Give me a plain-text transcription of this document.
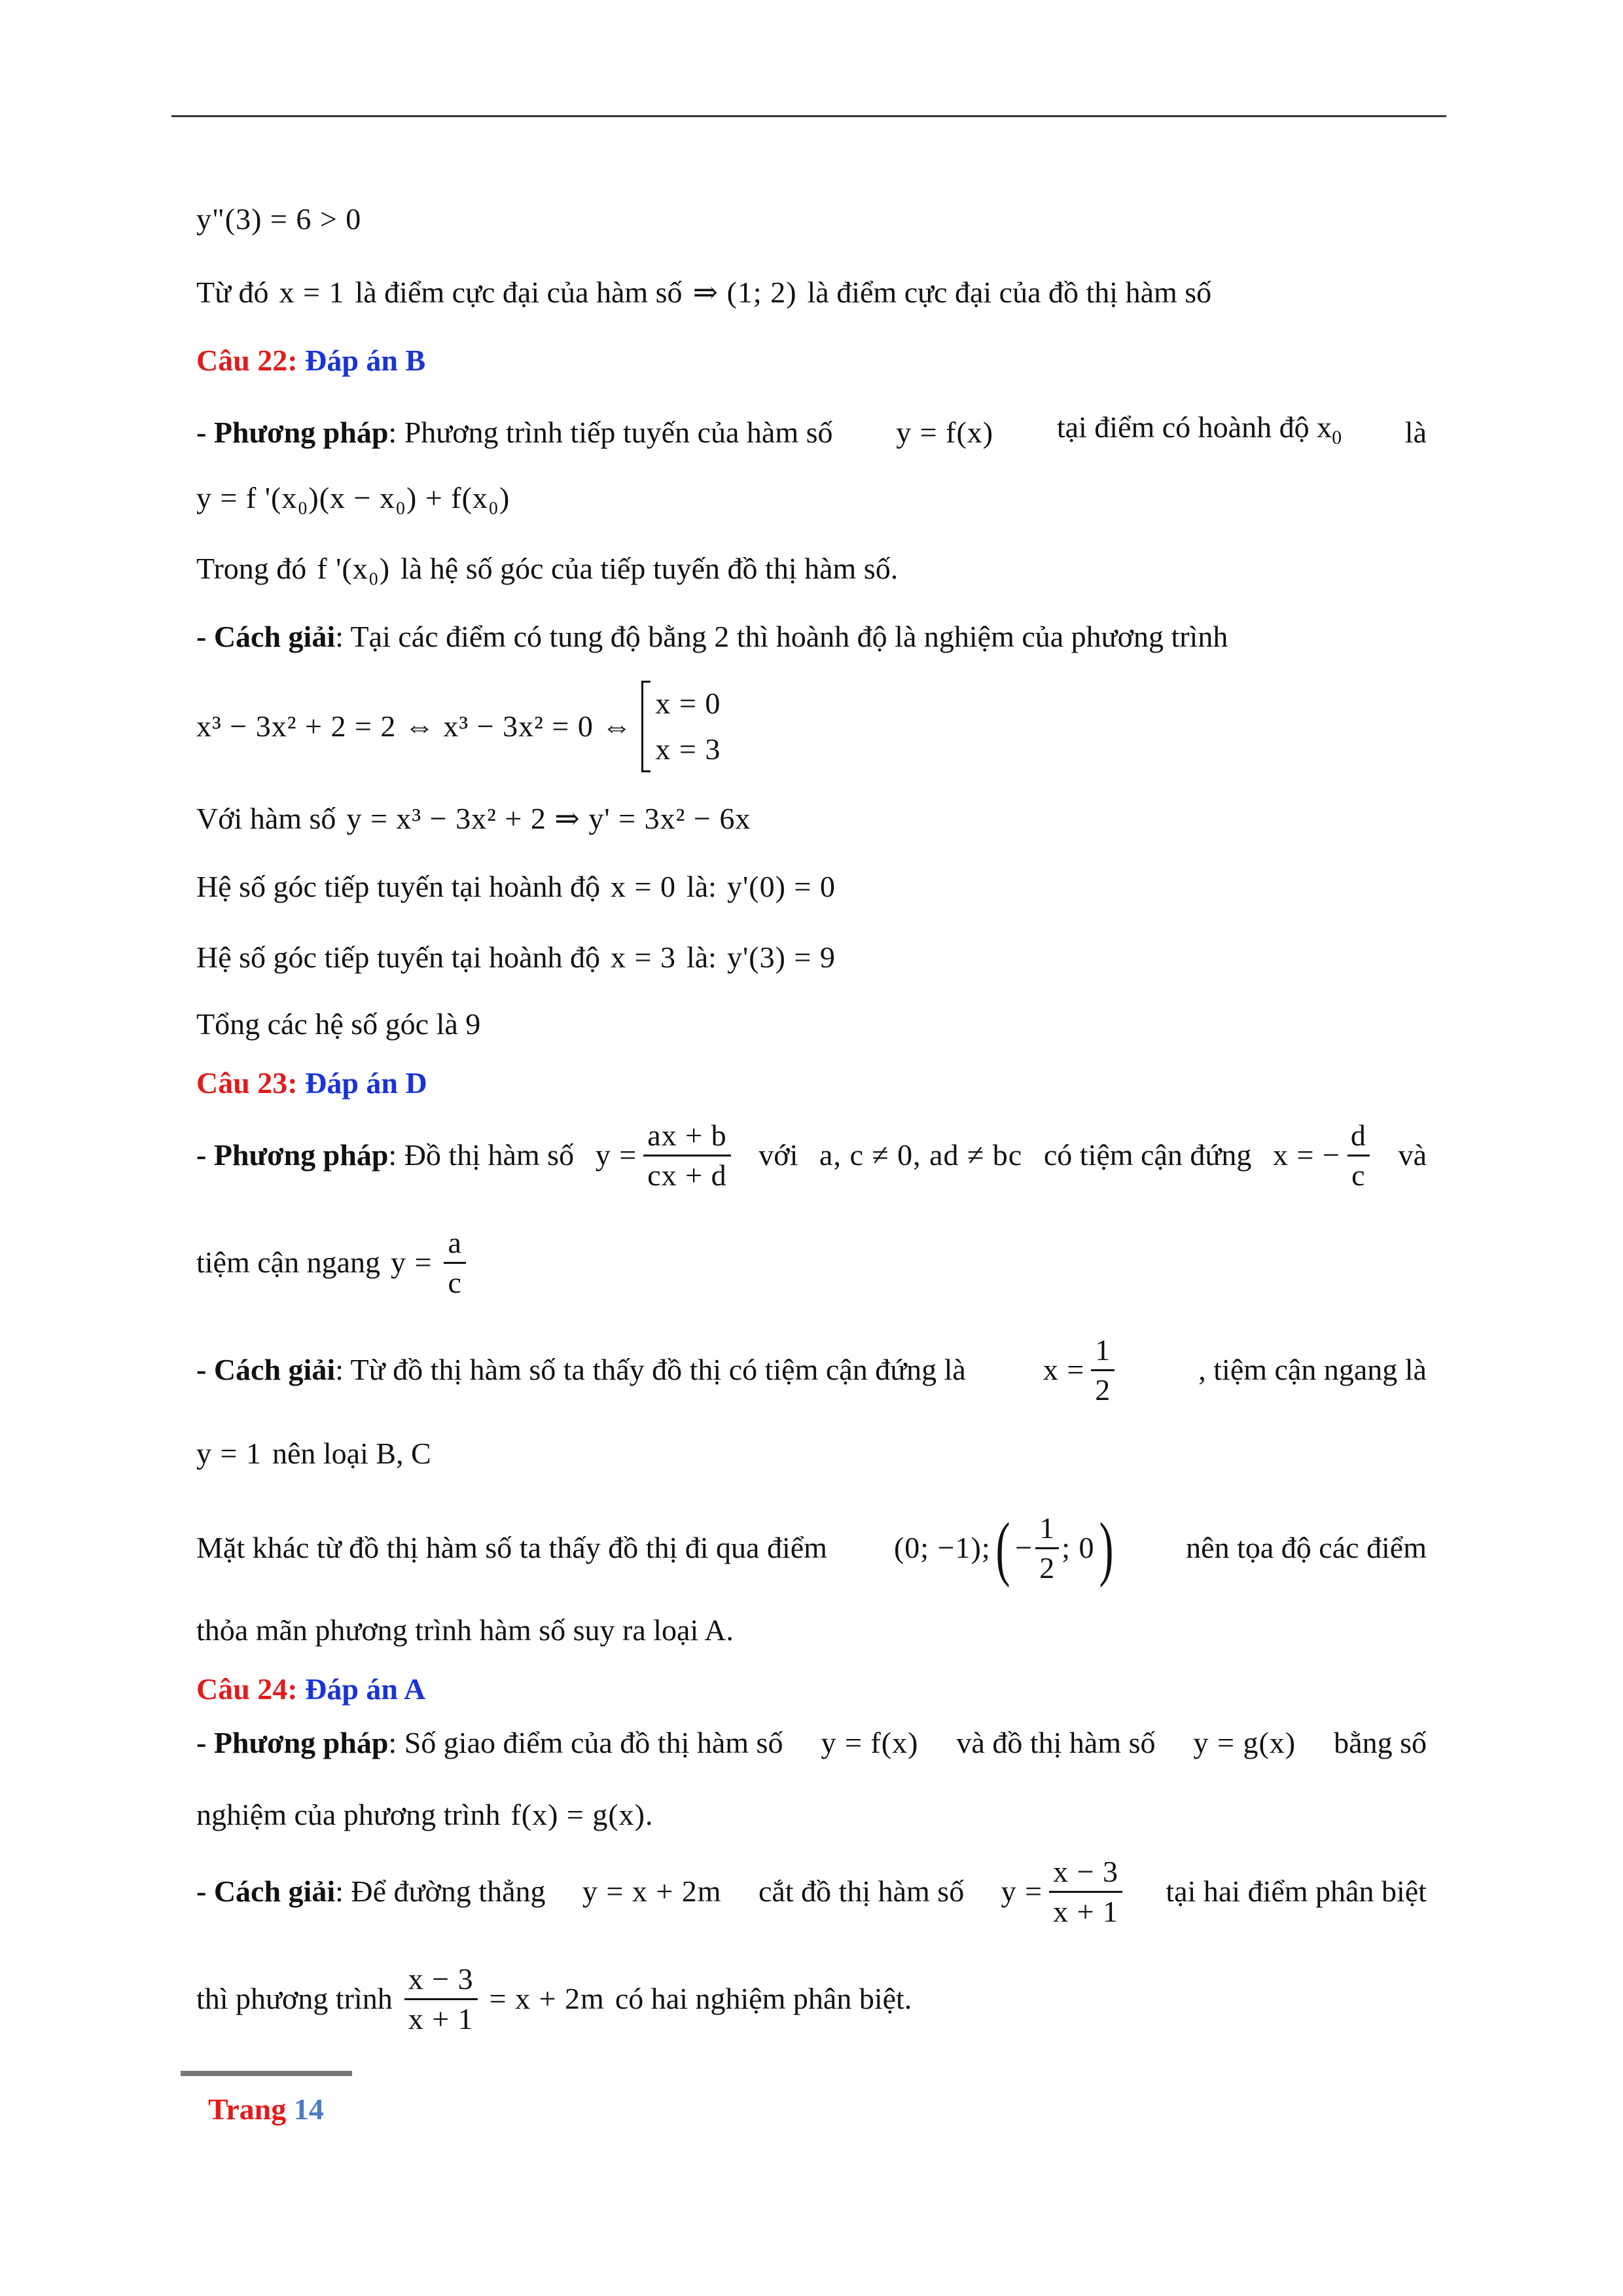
y"(3) = 6 > 0
Từ đó x = 1 là điểm cực đại của hàm số ⇒ (1; 2) là điểm cực đại của đồ thị hàm số
Câu 22: Đáp án B
- Phương pháp: Phương trình tiếp tuyến của hàm số y = f(x) tại điểm có hoành độ $x_0$ là
y = f '(x₀)(x − x₀) + f(x₀)
Trong đó f '(x₀) là hệ số góc của tiếp tuyến đồ thị hàm số.
- Cách giải: Tại các điểm có tung độ bằng 2 thì hoành độ là nghiệm của phương trình
x³ − 3x² + 2 = 2 ⇔ x³ − 3x² = 0 ⇔
x = 0
x = 3
Với hàm số y = x³ − 3x² + 2 ⇒ y' = 3x² − 6x
Hệ số góc tiếp tuyến tại hoành độ x = 0 là: y'(0) = 0
Hệ số góc tiếp tuyến tại hoành độ x = 3 là: y'(3) = 9
Tổng các hệ số góc là 9
Câu 23: Đáp án D
- Phương pháp: Đồ thị hàm số $y = \frac{ax + b}{cx + d}$ với a, c ≠ 0, ad ≠ bc có tiệm cận đứng x = − $\frac{d}{c}$ và
tiệm cận ngang $y = \frac{a}{c}$
- Cách giải: Từ đồ thị hàm số ta thấy đồ thị có tiệm cận đứng là	$x = \frac{1}{2}$	, tiệm cận ngang là
y = 1 nên loại B, C
Mặt khác từ đồ thị hàm số ta thấy đồ thị đi qua điểm (0; −1); ( − $\frac{1}{2}$ ; 0 ) nên tọa độ các điểm
thỏa mãn phương trình hàm số suy ra loại A.
Câu 24: Đáp án A
- Phương pháp: Số giao điểm của đồ thị hàm số y = f(x) và đồ thị hàm số y = g(x) bằng số
nghiệm của phương trình f(x) = g(x).
- Cách giải: Để đường thẳng y = x + 2m cắt đồ thị hàm số $y = \frac{x - 3}{x + 1}$ tại hai điểm phân biệt
thì phương trình $\frac{x - 3}{x + 1} = x + 2m$ có hai nghiệm phân biệt.
Trang 14
